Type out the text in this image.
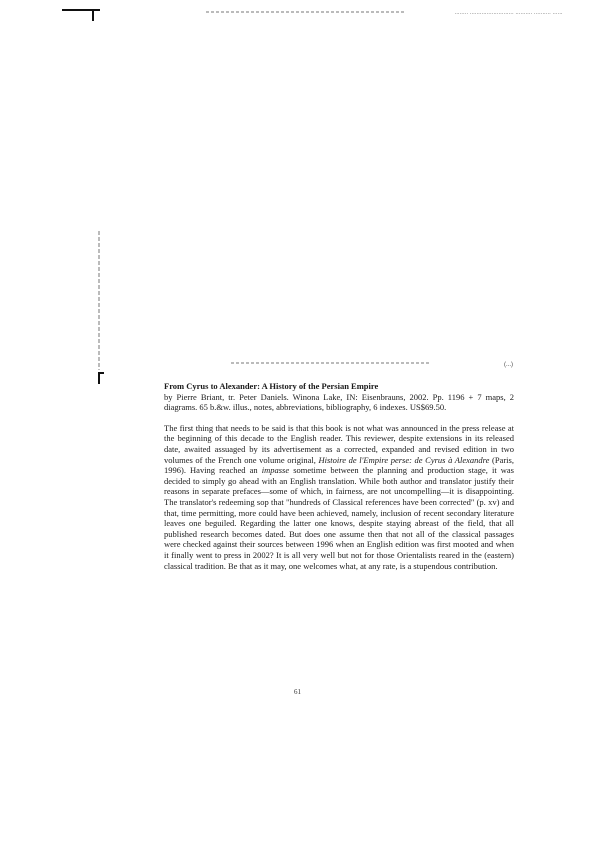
........ .......................... .......... .......... ......
(...)

From Cyrus to Alexander: A History of the Persian Empire

by Pierre Briant, tr. Peter Daniels. Winona Lake, IN: Eisenbrauns, 2002. Pp. 1196 + 7 maps, 2 diagrams. 65 b.&w. illus., notes, abbreviations, bibliography, 6 indexes. US$69.50.

The first thing that needs to be said is that this book is not what was announced in the press release at the beginning of this decade to the English reader. This reviewer, despite extensions in its released date, awaited assuaged by its advertisement as a corrected, expanded and revised edition in two volumes of the French one volume original, Histoire de l'Empire perse: de Cyrus à Alexandre (Paris, 1996). Having reached an impasse sometime between the planning and production stage, it was decided to simply go ahead with an English translation. While both author and translator justify their reasons in separate prefaces—some of which, in fairness, are not uncompelling—it is disappointing. The translator's redeeming sop that "hundreds of Classical references have been corrected" (p. xv) and that, time permitting, more could have been achieved, namely, inclusion of recent secondary literature leaves one beguiled. Regarding the latter one knows, despite staying abreast of the field, that all published research becomes dated. But does one assume then that not all of the classical passages were checked against their sources between 1996 when an English edition was first mooted and when it finally went to press in 2002? It is all very well but not for those Orientalists reared in the (eastern) classical tradition. Be that as it may, one welcomes what, at any rate, is a stupendous contribution.

61
